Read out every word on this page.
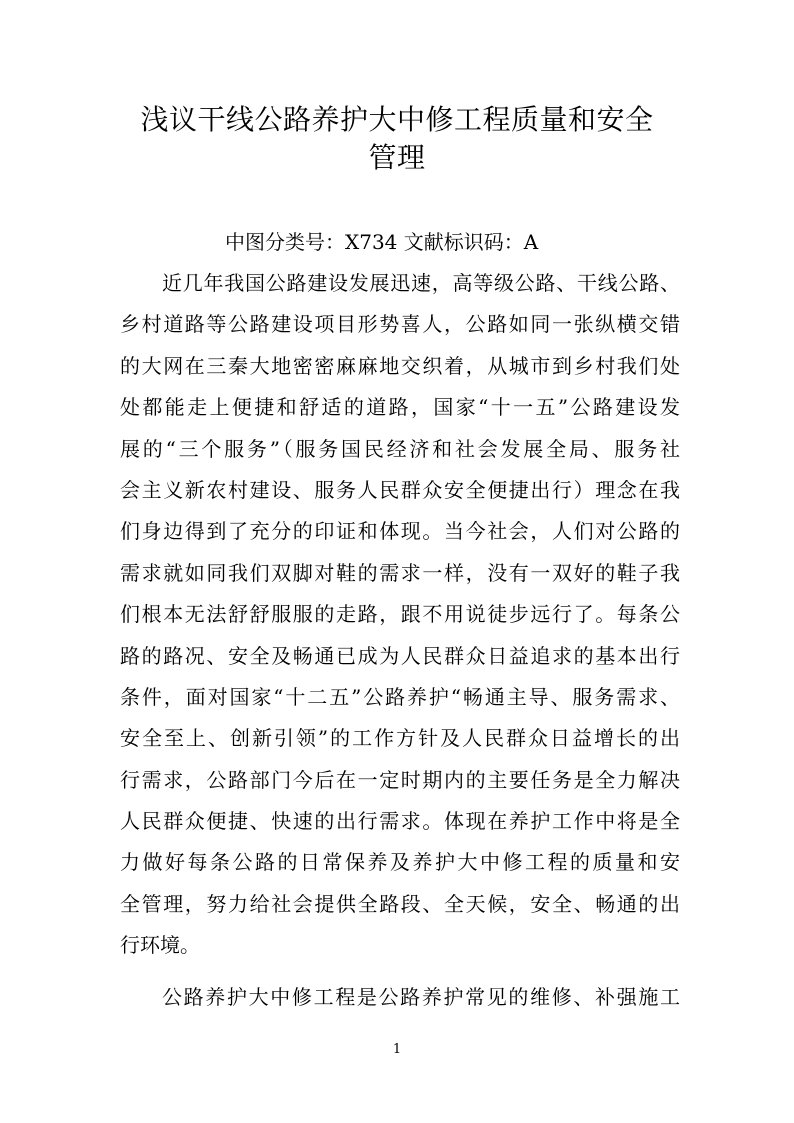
浅议干线公路养护大中修工程质量和安全
管理
中图分类号：X734 文献标识码：A
近几年我国公路建设发展迅速，高等级公路、干线公路、
乡村道路等公路建设项目形势喜人，公路如同一张纵横交错
的大网在三秦大地密密麻麻地交织着，从城市到乡村我们处
处都能走上便捷和舒适的道路，国家“十一五”公路建设发
展的“三个服务”（服务国民经济和社会发展全局、服务社
会主义新农村建设、服务人民群众安全便捷出行）理念在我
们身边得到了充分的印证和体现。当今社会，人们对公路的
需求就如同我们双脚对鞋的需求一样，没有一双好的鞋子我
们根本无法舒舒服服的走路，跟不用说徒步远行了。每条公
路的路况、安全及畅通已成为人民群众日益追求的基本出行
条件，面对国家“十二五”公路养护“畅通主导、服务需求、
安全至上、创新引领”的工作方针及人民群众日益增长的出
行需求，公路部门今后在一定时期内的主要任务是全力解决
人民群众便捷、快速的出行需求。体现在养护工作中将是全
力做好每条公路的日常保养及养护大中修工程的质量和安
全管理，努力给社会提供全路段、全天候，安全、畅通的出
行环境。
公路养护大中修工程是公路养护常见的维修、补强施工
1
